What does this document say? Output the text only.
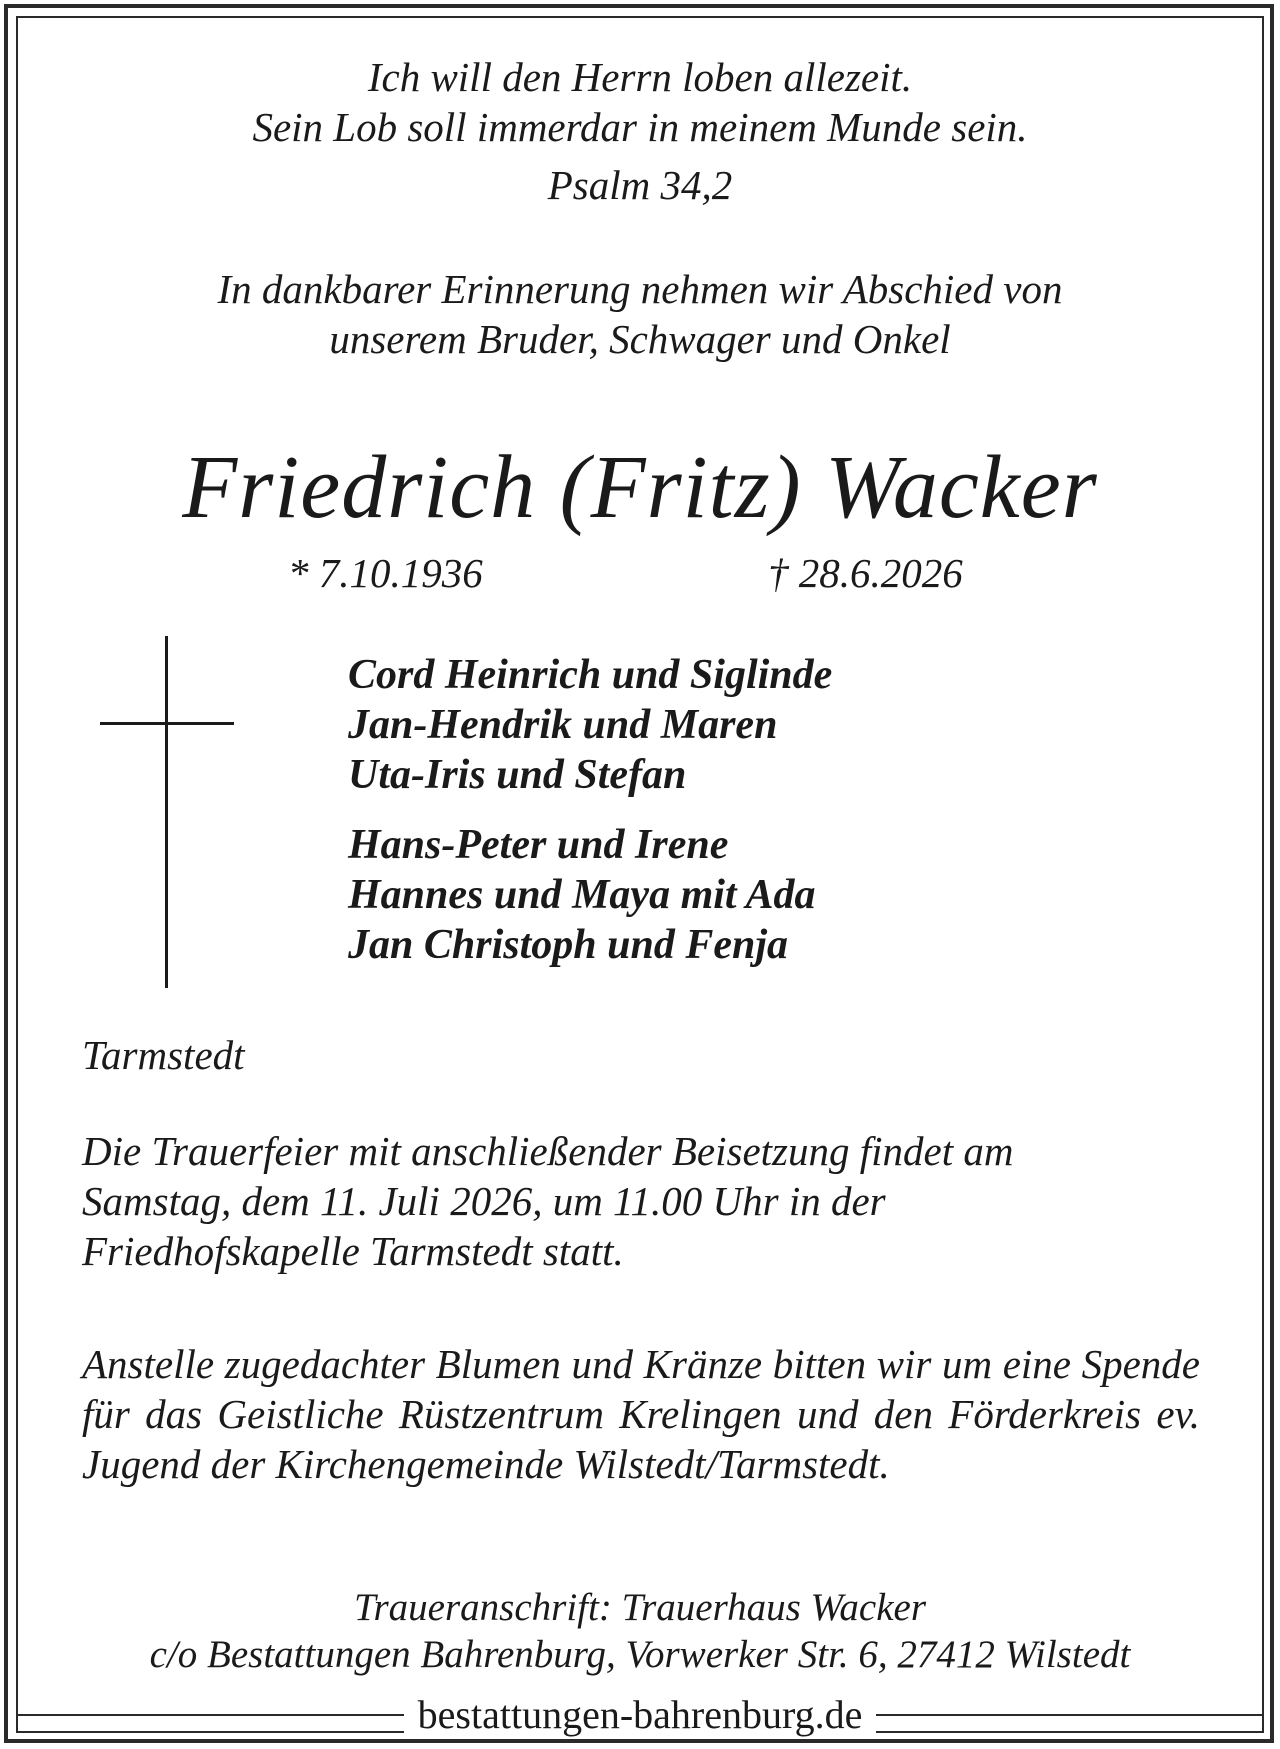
Ich will den Herrn loben allezeit.
Sein Lob soll immerdar in meinem Munde sein.
Psalm 34,2
In dankbarer Erinnerung nehmen wir Abschied von
unserem Bruder, Schwager und Onkel
Friedrich (Fritz) Wacker
* 7.10.1936	† 28.6.2026
Cord Heinrich und Siglinde
Jan-Hendrik und Maren
Uta-Iris und Stefan
Hans-Peter und Irene
Hannes und Maya mit Ada
Jan Christoph und Fenja
Tarmstedt
Die Trauerfeier mit anschließender Beisetzung findet am
Samstag, dem 11. Juli 2026, um 11.00 Uhr in der
Friedhofskapelle Tarmstedt statt.
Anstelle zugedachter Blumen und Kränze bitten wir um eine Spende für das Geistliche Rüstzentrum Krelingen und den Förderkreis ev. Jugend der Kirchengemeinde Wilstedt/Tarmstedt.
Traueranschrift: Trauerhaus Wacker
c/o Bestattungen Bahrenburg, Vorwerker Str. 6, 27412 Wilstedt
bestattungen-bahrenburg.de
